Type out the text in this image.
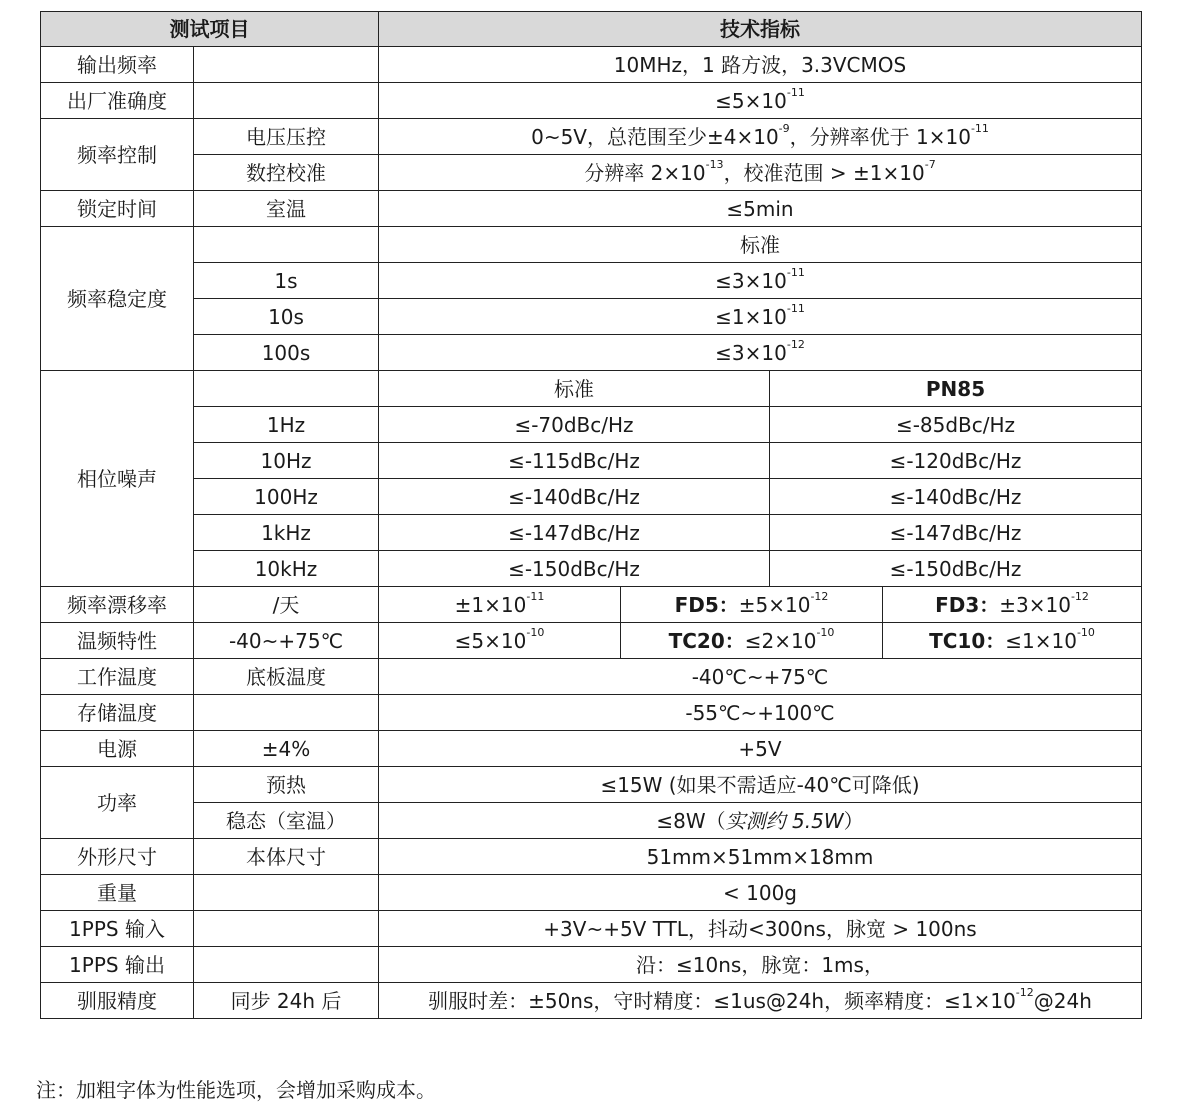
测试项目		技术指标			
输出频率		10MHz，1 路方波，3.3VCMOS			
出厂准确度		$\le 5\times 10^{-11}$
频率控制	电压压控	0~5V，总范围至少$\pm 4\times 10^{-9}$，分辨率优于 $1\times 10^{-11}$
	数控校准	分辨率 $2\times 10^{-13}$，校准范围 > $\pm 1\times 10^{-7}$
锁定时间	室温	≤5min			
频率稳定度		标准			
	1s	$\le 3\times 10^{-11}$
	10s	$\le 1\times 10^{-11}$
	100s	$\le 3\times 10^{-12}$
相位噪声		标准		PN85	
	1Hz	≤-70dBc/Hz		≤-85dBc/Hz	
	10Hz	≤-115dBc/Hz		≤-120dBc/Hz	
	100Hz	≤-140dBc/Hz		≤-140dBc/Hz	
	1kHz	≤-147dBc/Hz		≤-147dBc/Hz	
	10kHz	≤-150dBc/Hz		≤-150dBc/Hz	
频率漂移率	/天	$\pm 1\times 10^{-11}$	FD5：$\pm 5\times 10^{-12}$		FD3：$\pm 3\times 10^{-12}$
温频特性	-40~+75℃	$\le 5\times 10^{-10}$	TC20：$\le 2\times 10^{-10}$		TC10：$\le 1\times 10^{-10}$
工作温度	底板温度	-40℃~+75℃			
存储温度		-55℃~+100℃			
电源	±4%	+5V			
功率	预热	≤15W (如果不需适应-40℃可降低)			
	稳态（室温）	≤8W（实测约 5.5W）			
外形尺寸	本体尺寸	51mm×51mm×18mm			
重量		< 100g			
1PPS 输入		+3V~+5V TTL，抖动<300ns，脉宽 > 100ns			
1PPS 输出		沿：≤10ns，脉宽：1ms，			
驯服精度	同步 24h 后	驯服时差：±50ns，守时精度：≤1us@24h，频率精度：$\le 1\times 10^{-12}@24h$			
注：加粗字体为性能选项，会增加采购成本。
